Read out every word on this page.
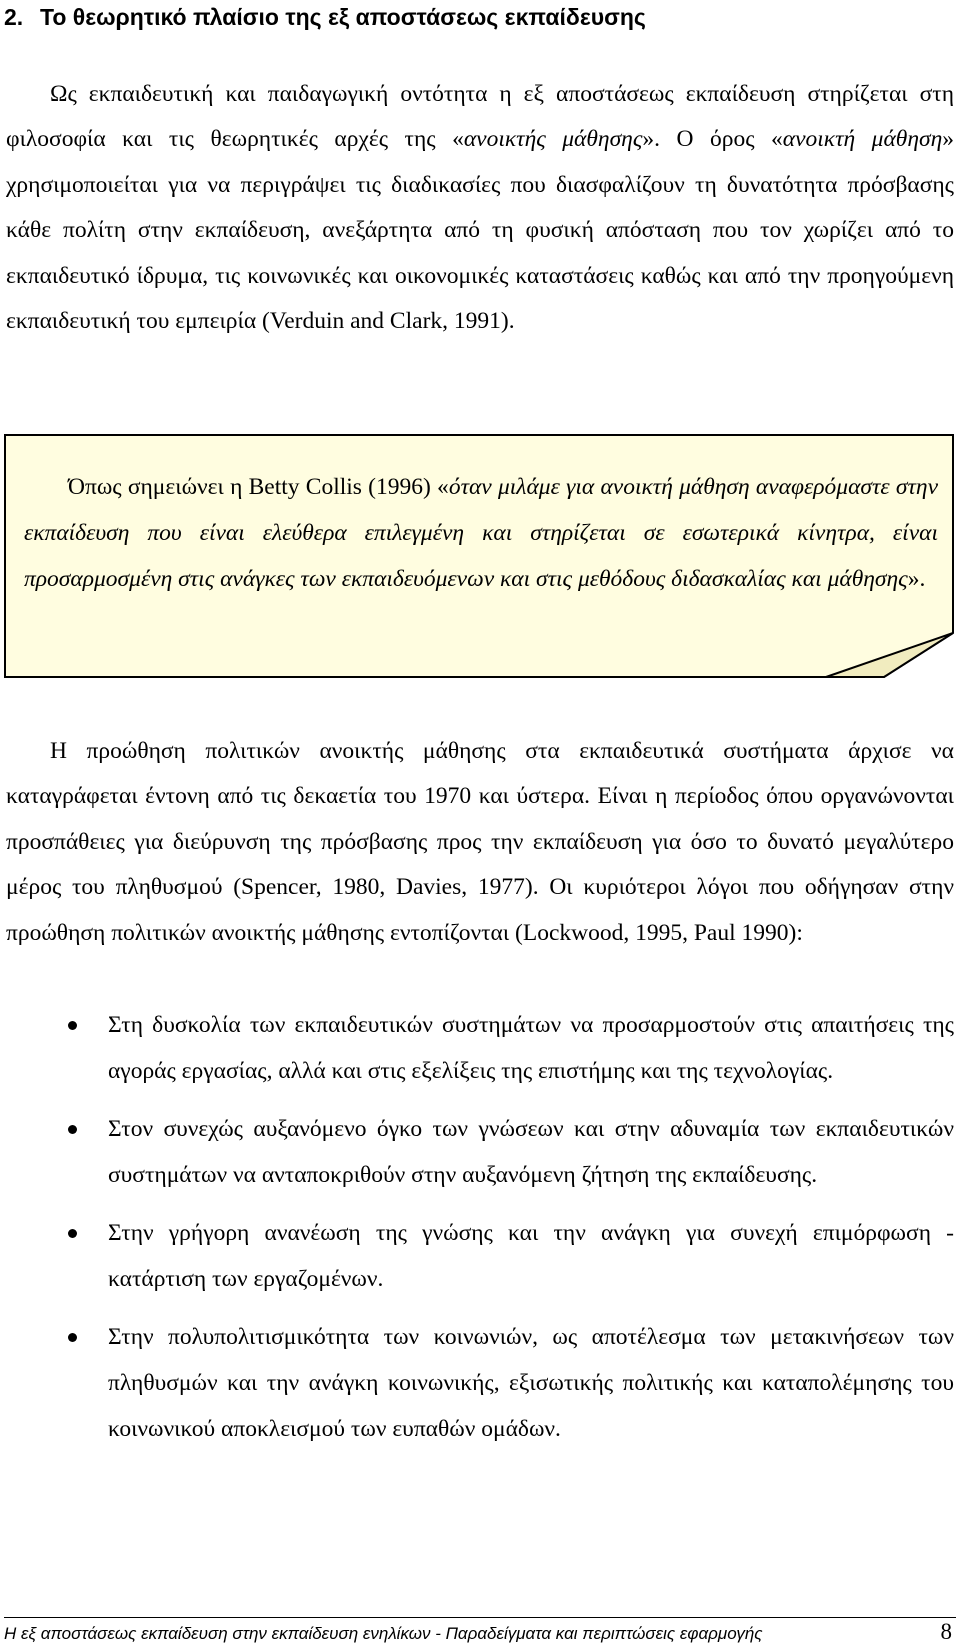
2. Το θεωρητικό πλαίσιο της εξ αποστάσεως εκπαίδευσης

Ως εκπαιδευτική και παιδαγωγική οντότητα η εξ αποστάσεως εκπαίδευση στηρίζεται στη φιλοσοφία και τις θεωρητικές αρχές της «ανοικτής μάθησης». Ο όρος «ανοικτή μάθηση» χρησιμοποιείται για να περιγράψει τις διαδικασίες που διασφαλίζουν τη δυνατότητα πρόσβασης κάθε πολίτη στην εκπαίδευση, ανεξάρτητα από τη φυσική απόσταση που τον χωρίζει από το εκπαιδευτικό ίδρυμα, τις κοινωνικές και οικονομικές καταστάσεις καθώς και από την προηγούμενη εκπαιδευτική του εμπειρία (Verduin and Clark, 1991).

Όπως σημειώνει η Betty Collis (1996) «όταν μιλάμε για ανοικτή μάθηση αναφερόμαστε στην εκπαίδευση που είναι ελεύθερα επιλεγμένη και στηρίζεται σε εσωτερικά κίνητρα, είναι προσαρμοσμένη στις ανάγκες των εκπαιδευόμενων και στις μεθόδους διδασκαλίας και μάθησης».

Η προώθηση πολιτικών ανοικτής μάθησης στα εκπαιδευτικά συστήματα άρχισε να καταγράφεται έντονη από τις δεκαετία του 1970 και ύστερα. Είναι η περίοδος όπου οργανώνονται προσπάθειες για διεύρυνση της πρόσβασης προς την εκπαίδευση για όσο το δυνατό μεγαλύτερο μέρος του πληθυσμού (Spencer, 1980, Davies, 1977). Οι κυριότεροι λόγοι που οδήγησαν στην προώθηση πολιτικών ανοικτής μάθησης εντοπίζονται (Lockwood, 1995, Paul 1990):

Στη δυσκολία των εκπαιδευτικών συστημάτων να προσαρμοστούν στις απαιτήσεις της αγοράς εργασίας, αλλά και στις εξελίξεις της επιστήμης και της τεχνολογίας.
Στον συνεχώς αυξανόμενο όγκο των γνώσεων και στην αδυναμία των εκπαιδευτικών συστημάτων να ανταποκριθούν στην αυξανόμενη ζήτηση της εκπαίδευσης.
Στην γρήγορη ανανέωση της γνώσης και την ανάγκη για συνεχή επιμόρφωση - κατάρτιση των εργαζομένων.
Στην πολυπολιτισμικότητα των κοινωνιών, ως αποτέλεσμα των μετακινήσεων των πληθυσμών και την ανάγκη κοινωνικής, εξισωτικής πολιτικής και καταπολέμησης του κοινωνικού αποκλεισμού των ευπαθών ομάδων.
Η εξ αποστάσεως εκπαίδευση στην εκπαίδευση ενηλίκων - Παραδείγματα και περιπτώσεις εφαρμογής	8
